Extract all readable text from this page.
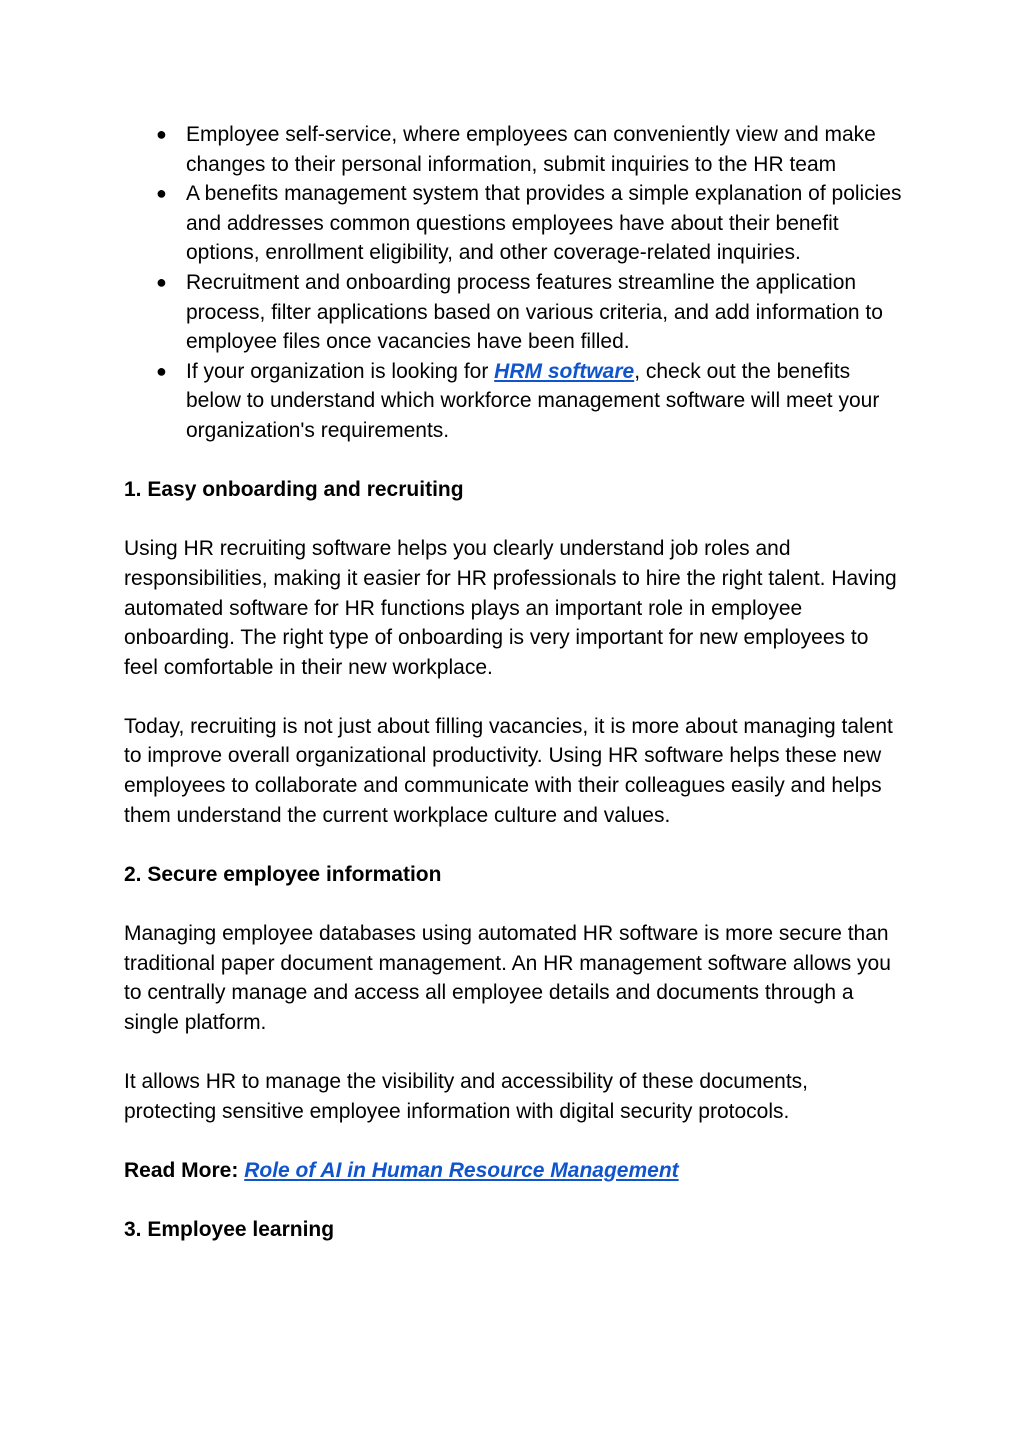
● Employee self-service, where employees can conveniently view and make changes to their personal information, submit inquiries to the HR team
● A benefits management system that provides a simple explanation of policies and addresses common questions employees have about their benefit options, enrollment eligibility, and other coverage-related inquiries.
● Recruitment and onboarding process features streamline the application process, filter applications based on various criteria, and add information to employee files once vacancies have been filled.
● If your organization is looking for HRM software, check out the benefits below to understand which workforce management software will meet your organization's requirements.

1. Easy onboarding and recruiting

Using HR recruiting software helps you clearly understand job roles and responsibilities, making it easier for HR professionals to hire the right talent. Having automated software for HR functions plays an important role in employee onboarding. The right type of onboarding is very important for new employees to feel comfortable in their new workplace.

Today, recruiting is not just about filling vacancies, it is more about managing talent to improve overall organizational productivity. Using HR software helps these new employees to collaborate and communicate with their colleagues easily and helps them understand the current workplace culture and values.

2. Secure employee information

Managing employee databases using automated HR software is more secure than traditional paper document management. An HR management software allows you to centrally manage and access all employee details and documents through a single platform.

It allows HR to manage the visibility and accessibility of these documents, protecting sensitive employee information with digital security protocols.

Read More: Role of AI in Human Resource Management

3. Employee learning
